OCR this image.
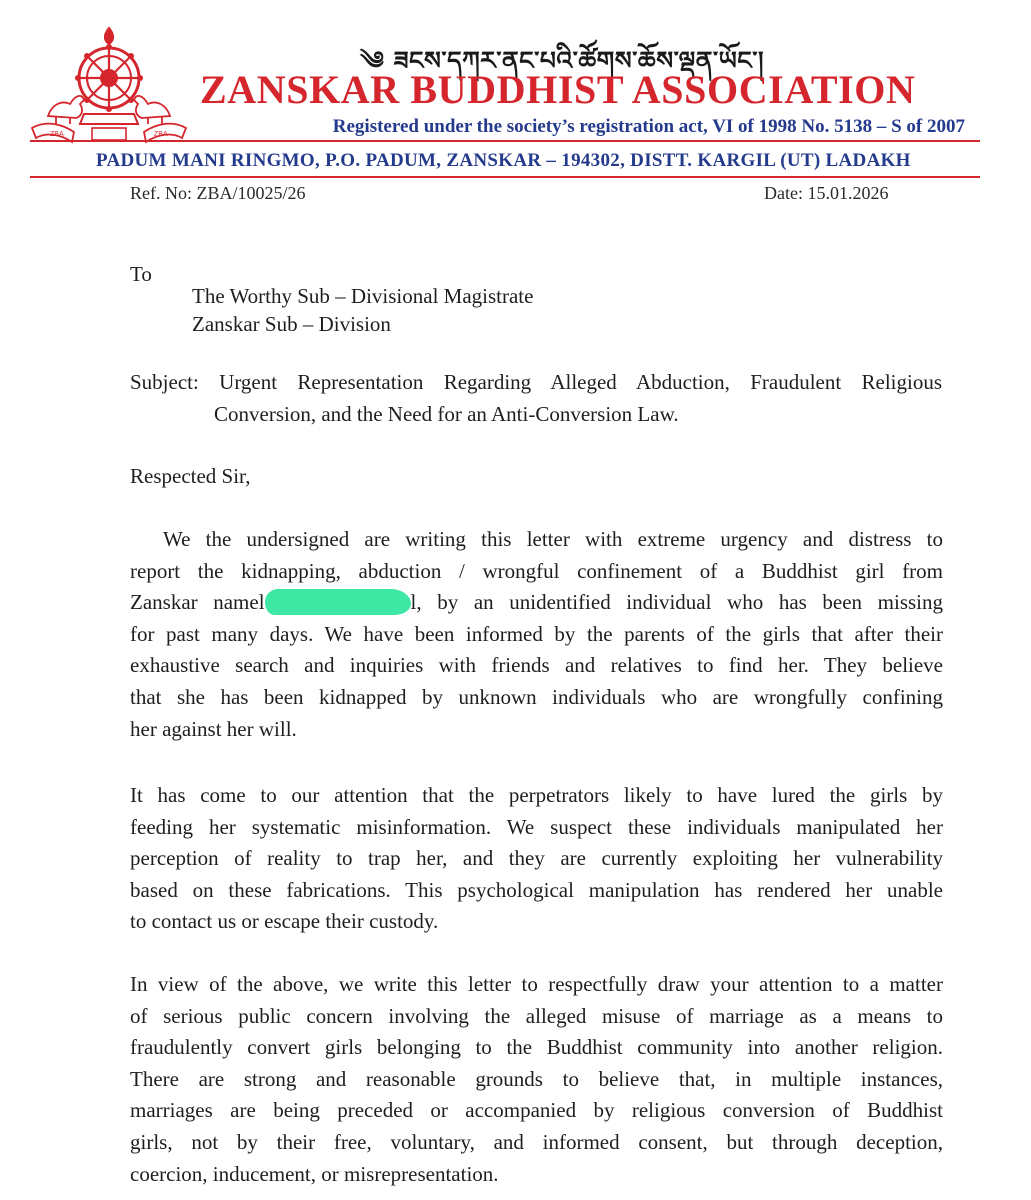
ZBA	ZBA
༄ ཟངས་དཀར་ནང་པའི་ཚོགས་ཆོས་ལྡན་ཡོང་།
ZANSKAR BUDDHIST ASSOCIATION
Registered under the society’s registration act, VI of 1998 No. 5138 – S of 2007
PADUM MANI RINGMO, P.O. PADUM, ZANSKAR – 194302, DISTT. KARGIL (UT) LADAKH
Ref. No: ZBA/10025/26	Date: 15.01.2026
To
The Worthy Sub – Divisional Magistrate
Zanskar Sub – Division
Subject: Urgent Representation Regarding Alleged Abduction, Fraudulent Religious
Conversion, and the Need for an Anti-Conversion Law.
Respected Sir,
We the undersigned are writing this letter with extreme urgency and distress to
report the kidnapping, abduction / wrongful confinement of a Buddhist girl from
Zanskar namel	l, by an unidentified individual who has been missing
for past many days. We have been informed by the parents of the girls that after their
exhaustive search and inquiries with friends and relatives to find her. They believe
that she has been kidnapped by unknown individuals who are wrongfully confining
her against her will.
It has come to our attention that the perpetrators likely to have lured the girls by
feeding her systematic misinformation. We suspect these individuals manipulated her
perception of reality to trap her, and they are currently exploiting her vulnerability
based on these fabrications. This psychological manipulation has rendered her unable
to contact us or escape their custody.
In view of the above, we write this letter to respectfully draw your attention to a matter
of serious public concern involving the alleged misuse of marriage as a means to
fraudulently convert girls belonging to the Buddhist community into another religion.
There are strong and reasonable grounds to believe that, in multiple instances,
marriages are being preceded or accompanied by religious conversion of Buddhist
girls, not by their free, voluntary, and informed consent, but through deception,
coercion, inducement, or misrepresentation.
